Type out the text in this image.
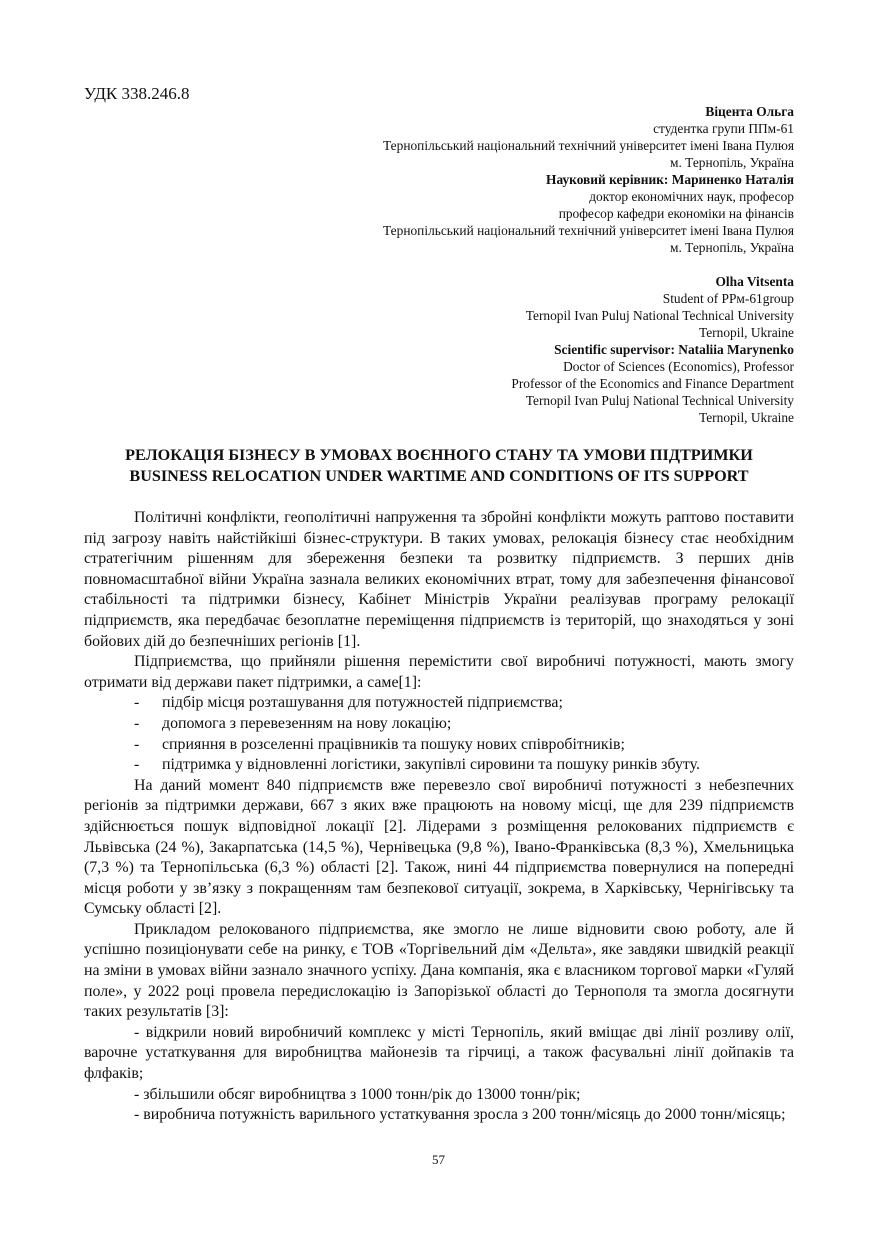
УДК 338.246.8
Віцента Ольга
студентка групи ППм-61
Тернопільський національний технічний університет імені Івана Пулюя
м. Тернопіль, Україна
Науковий керівник: Мариненко Наталія
доктор економічних наук, професор
професор кафедри економіки на фінансів
Тернопільський національний технічний університет імені Івана Пулюя
м. Тернопіль, Україна
Olha Vitsenta
Student of PPм-61group
Ternopil Ivan Puluj National Technical University
Ternopil, Ukraine
Scientific supervisor: Nataliia Marynenko
Doctor of Sciences (Economics), Professor
Professor of the Economics and Finance Department
Ternopil Ivan Puluj National Technical University
Ternopil, Ukraine
РЕЛОКАЦІЯ БІЗНЕСУ В УМОВАХ ВОЄННОГО СТАНУ ТА УМОВИ ПІДТРИМКИ
BUSINESS RELOCATION UNDER WARTIME AND CONDITIONS OF ITS SUPPORT

Політичні конфлікти, геополітичні напруження та збройні конфлікти можуть раптово поставити під загрозу навіть найстійкіші бізнес-структури. В таких умовах, релокація бізнесу стає необхідним стратегічним рішенням для збереження безпеки та розвитку підприємств. З перших днів повномасштабної війни Україна зазнала великих економічних втрат, тому для забезпечення фінансової стабільності та підтримки бізнесу, Кабінет Міністрів України реалізував програму релокації підприємств, яка передбачає безоплатне переміщення підприємств із територій, що знаходяться у зоні бойових дій до безпечніших регіонів [1].

Підприємства, що прийняли рішення перемістити свої виробничі потужності, мають змогу отримати від держави пакет підтримки, а саме[1]:

-	підбір місця розташування для потужностей підприємства;
-	допомога з перевезенням на нову локацію;
-	сприяння в розселенні працівників та пошуку нових співробітників;
-	підтримка у відновленні логістики, закупівлі сировини та пошуку ринків збуту.

На даний момент 840 підприємств вже перевезло свої виробничі потужності з небезпечних регіонів за підтримки держави, 667 з яких вже працюють на новому місці, ще для 239 підприємств здійснюється пошук відповідної локації [2]. Лідерами з розміщення релокованих підприємств є Львівська (24 %), Закарпатська (14,5 %), Чернівецька (9,8 %), Івано-Франківська (8,3 %), Хмельницька (7,3 %) та Тернопільська (6,3 %) області [2]. Також, нині 44 підприємства повернулися на попередні місця роботи у зв’язку з покращенням там безпекової ситуації, зокрема, в Харківську, Чернігівську та Сумську області [2].

Прикладом релокованого підприємства, яке змогло не лише відновити свою роботу, але й успішно позиціонувати себе на ринку, є ТОВ «Торгівельний дім «Дельта», яке завдяки швидкій реакції на зміни в умовах війни зазнало значного успіху. Дана компанія, яка є власником торгової марки «Гуляй поле», у 2022 році провела передислокацію із Запорізької області до Тернополя та змогла досягнути таких результатів [3]:

- відкрили новий виробничий комплекс у місті Тернопіль, який вміщає дві лінії розливу олії, варочне устаткування для виробництва майонезів та гірчиці, а також фасувальні лінії дойпаків та флфаків;

- збільшили обсяг виробництва з 1000 тонн/рік до 13000 тонн/рік;

- виробнича потужність варильного устаткування зросла з 200 тонн/місяць до 2000 тонн/місяць;

57
